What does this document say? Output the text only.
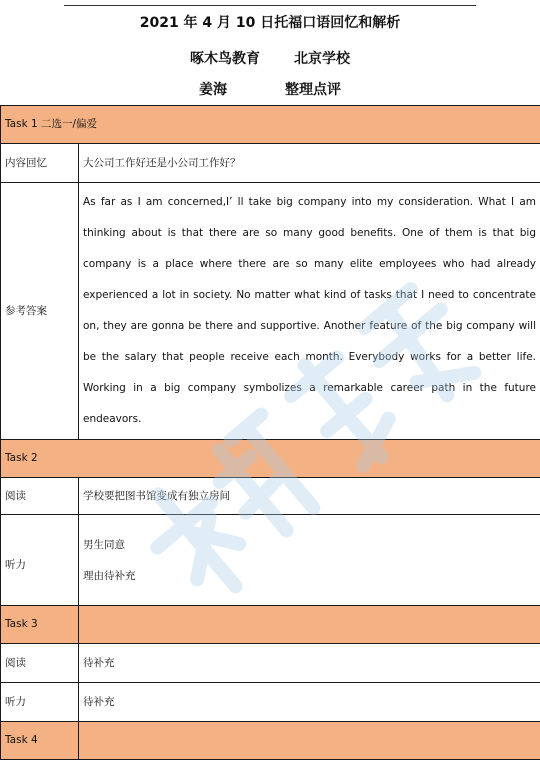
2021 年 4 月 10 日托福口语回忆和解析
啄木鸟教育 北京学校
姜海	整理点评
Task 1 二选一/偏爱	
内容回忆	大公司工作好还是小公司工作好？
参考答案	As far as I am concerned,I’ ll take big company into my consideration. What I am thinking about is that there are so many good benefits. One of them is that big company is a place where there are so many elite employees who had already experienced a lot in society. No matter what kind of tasks that I need to concentrate on, they are gonna be there and supportive. Another feature of the big company will be the salary that people receive each month. Everybody works for a better life. Working in a big company symbolizes a remarkable career path in the future endeavors.

Task 2	
阅读	学校要把图书馆变成有独立房间
听力	男生同意
理由待补充

Task 3	
阅读	待补充
听力	待补充
Task 4	
